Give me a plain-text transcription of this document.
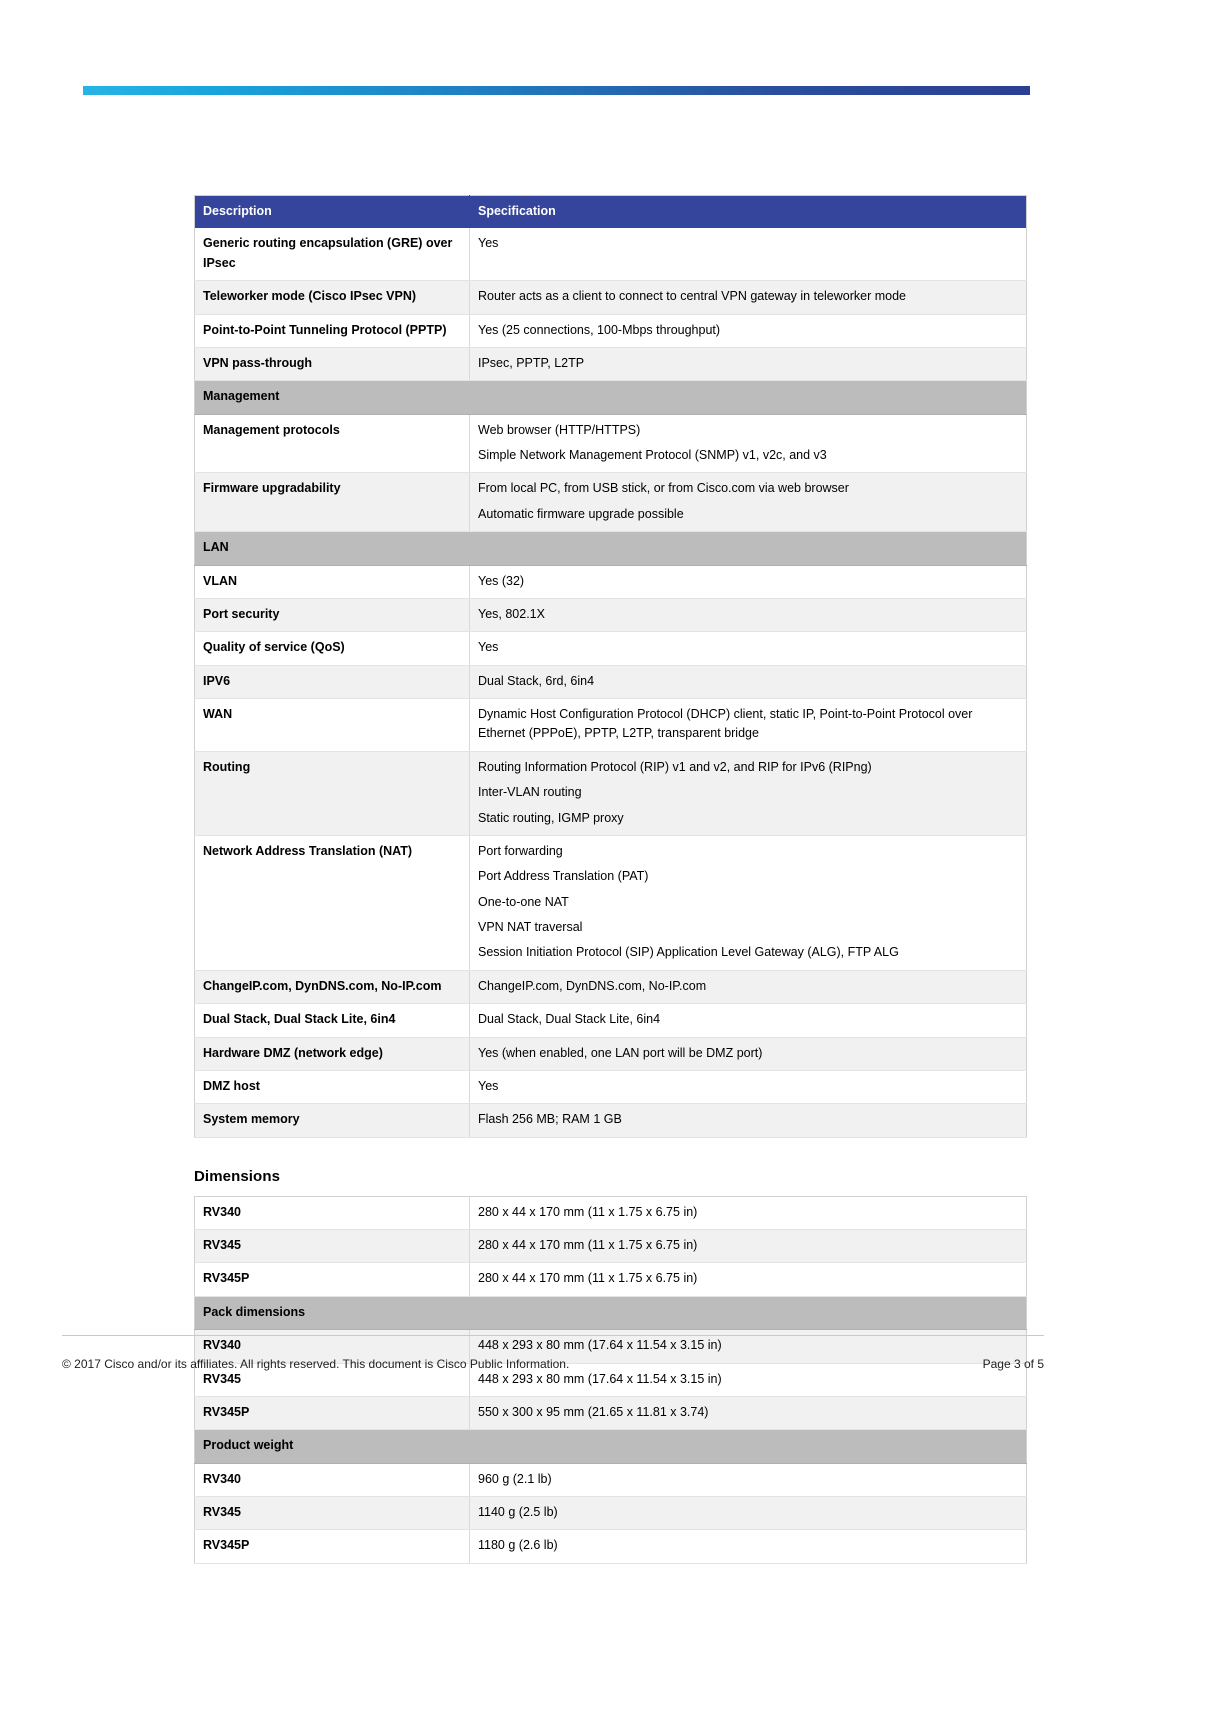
Description	Specification
Generic routing encapsulation (GRE) over IPsec	Yes

Teleworker mode (Cisco IPsec VPN)	Router acts as a client to connect to central VPN gateway in teleworker mode

Point-to-Point Tunneling Protocol (PPTP)	Yes (25 connections, 100-Mbps throughput)

VPN pass-through	IPsec, PPTP, L2TP

Management	
Management protocols	Web browser (HTTP/HTTPS)
Simple Network Management Protocol (SNMP) v1, v2c, and v3

Firmware upgradability	From local PC, from USB stick, or from Cisco.com via web browser
Automatic firmware upgrade possible

LAN	
VLAN	Yes (32)

Port security	Yes, 802.1X

Quality of service (QoS)	Yes

IPV6	Dual Stack, 6rd, 6in4

WAN	Dynamic Host Configuration Protocol (DHCP) client, static IP, Point-to-Point Protocol over Ethernet (PPPoE), PPTP, L2TP, transparent bridge

Routing	Routing Information Protocol (RIP) v1 and v2, and RIP for IPv6 (RIPng)
Inter-VLAN routing
Static routing, IGMP proxy

Network Address Translation (NAT)	Port forwarding
Port Address Translation (PAT)
One-to-one NAT
VPN NAT traversal
Session Initiation Protocol (SIP) Application Level Gateway (ALG), FTP ALG

ChangeIP.com, DynDNS.com, No-IP.com	ChangeIP.com, DynDNS.com, No-IP.com

Dual Stack, Dual Stack Lite, 6in4	Dual Stack, Dual Stack Lite, 6in4

Hardware DMZ (network edge)	Yes (when enabled, one LAN port will be DMZ port)

DMZ host	Yes

System memory	Flash 256 MB; RAM 1 GB
Dimensions
RV340	280 x 44 x 170 mm (11 x 1.75 x 6.75 in)

RV345	280 x 44 x 170 mm (11 x 1.75 x 6.75 in)

RV345P	280 x 44 x 170 mm (11 x 1.75 x 6.75 in)

Pack dimensions	
RV340	448 x 293 x 80 mm (17.64 x 11.54 x 3.15 in)

RV345	448 x 293 x 80 mm (17.64 x 11.54 x 3.15 in)

RV345P	550 x 300 x 95 mm (21.65 x 11.81 x 3.74)

Product weight	
RV340	960 g (2.1 lb)

RV345	1140 g (2.5 lb)

RV345P	1180 g (2.6 lb)
© 2017 Cisco and/or its affiliates. All rights reserved. This document is Cisco Public Information.	Page 3 of 5
